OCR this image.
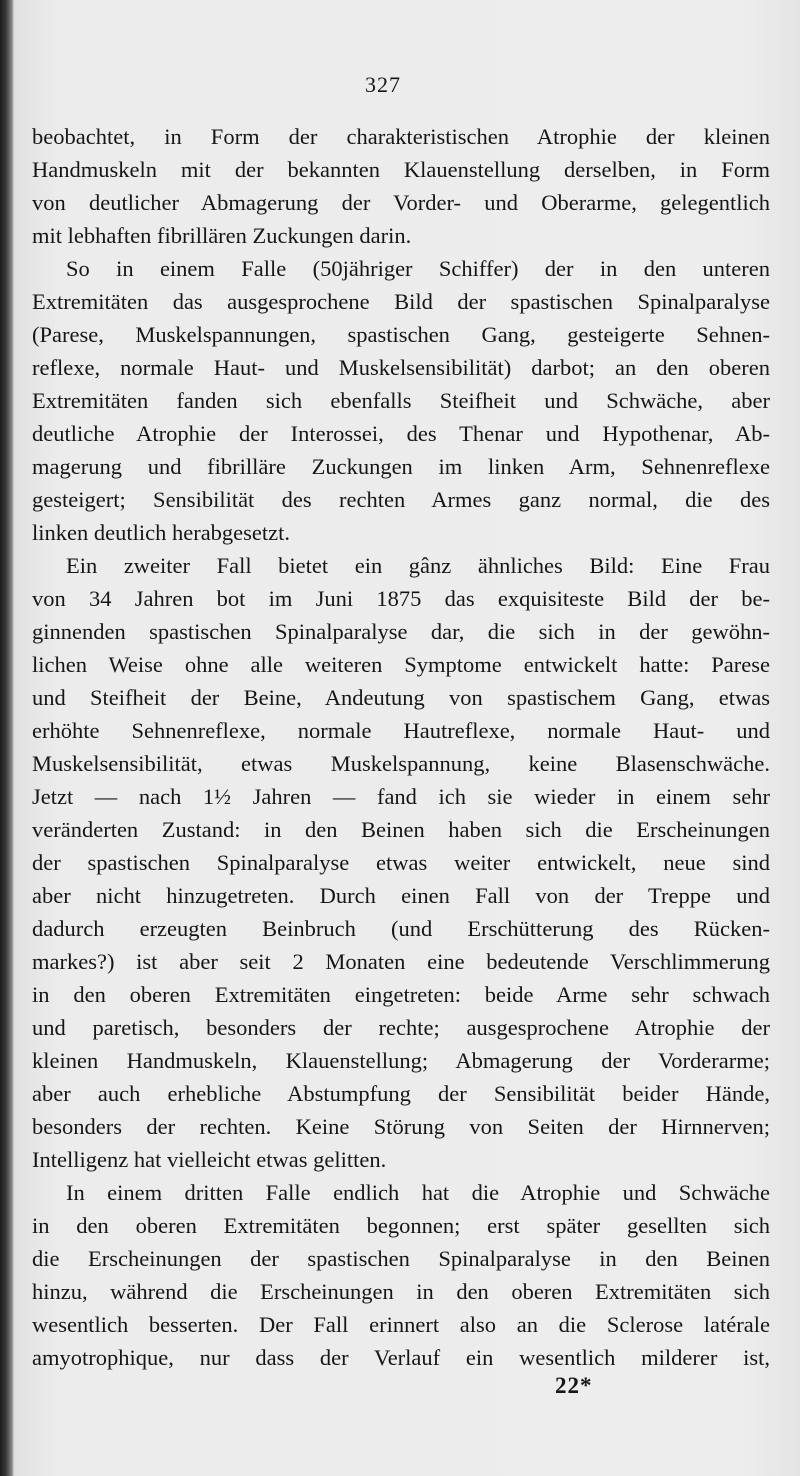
327
beobachtet, in Form der charakteristischen Atrophie der kleinen
Handmuskeln mit der bekannten Klauenstellung derselben, in Form
von deutlicher Abmagerung der Vorder- und Oberarme, gelegentlich
mit lebhaften fibrillären Zuckungen darin.
So in einem Falle (50jähriger Schiffer) der in den unteren
Extremitäten das ausgesprochene Bild der spastischen Spinalparalyse
(Parese, Muskelspannungen, spastischen Gang, gesteigerte Sehnen-
reflexe, normale Haut- und Muskelsensibilität) darbot; an den oberen
Extremitäten fanden sich ebenfalls Steifheit und Schwäche, aber
deutliche Atrophie der Interossei, des Thenar und Hypothenar, Ab-
magerung und fibrilläre Zuckungen im linken Arm, Sehnenreflexe
gesteigert; Sensibilität des rechten Armes ganz normal, die des
linken deutlich herabgesetzt.
Ein zweiter Fall bietet ein gânz ähnliches Bild: Eine Frau
von 34 Jahren bot im Juni 1875 das exquisiteste Bild der be-
ginnenden spastischen Spinalparalyse dar, die sich in der gewöhn-
lichen Weise ohne alle weiteren Symptome entwickelt hatte: Parese
und Steifheit der Beine, Andeutung von spastischem Gang, etwas
erhöhte Sehnenreflexe, normale Hautreflexe, normale Haut- und
Muskelsensibilität, etwas Muskelspannung, keine Blasenschwäche.
Jetzt — nach 1½ Jahren — fand ich sie wieder in einem sehr
veränderten Zustand: in den Beinen haben sich die Erscheinungen
der spastischen Spinalparalyse etwas weiter entwickelt, neue sind
aber nicht hinzugetreten. Durch einen Fall von der Treppe und
dadurch erzeugten Beinbruch (und Erschütterung des Rücken-
markes?) ist aber seit 2 Monaten eine bedeutende Verschlimmerung
in den oberen Extremitäten eingetreten: beide Arme sehr schwach
und paretisch, besonders der rechte; ausgesprochene Atrophie der
kleinen Handmuskeln, Klauenstellung; Abmagerung der Vorderarme;
aber auch erhebliche Abstumpfung der Sensibilität beider Hände,
besonders der rechten. Keine Störung von Seiten der Hirnnerven;
Intelligenz hat vielleicht etwas gelitten.
In einem dritten Falle endlich hat die Atrophie und Schwäche
in den oberen Extremitäten begonnen; erst später gesellten sich
die Erscheinungen der spastischen Spinalparalyse in den Beinen
hinzu, während die Erscheinungen in den oberen Extremitäten sich
wesentlich besserten. Der Fall erinnert also an die Sclerose latérale
amyotrophique, nur dass der Verlauf ein wesentlich milderer ist,
22*
